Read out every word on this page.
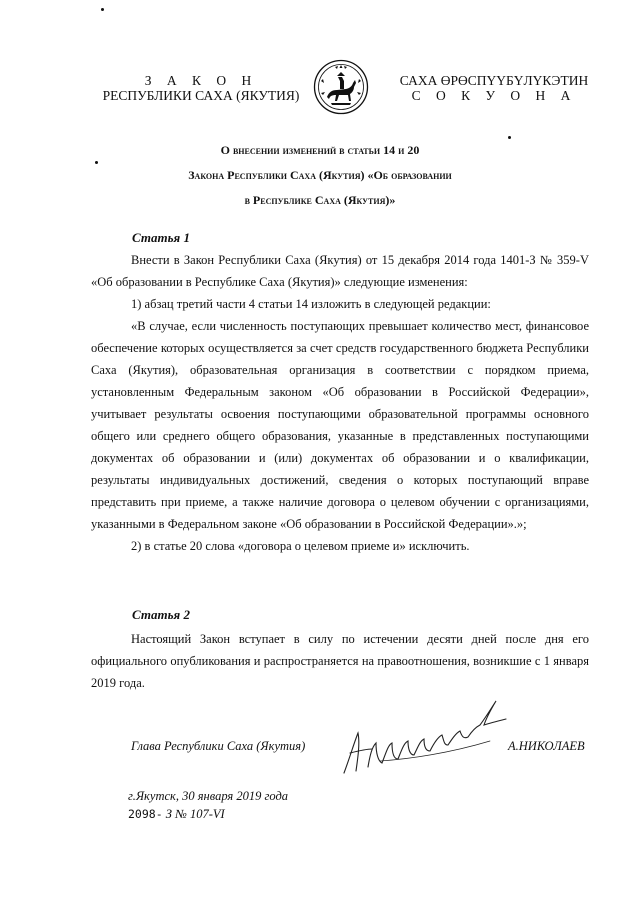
З А К О Н
РЕСПУБЛИКИ САХА (ЯКУТИЯ)
САХА ӨРӨСПҮҮБҮЛҮКЭТИН
С О К У О Н А
О внесении изменений в статьи 14 и 20
Закона Республики Саха (Якутия) «Об образовании
в Республике Саха (Якутия)»
Статья 1

Внести в Закон Республики Саха (Якутия) от 15 декабря 2014 года 1401-З № 359-V «Об образовании в Республике Саха (Якутия)» следующие изменения:

1) абзац третий части 4 статьи 14 изложить в следующей редакции:

«В случае, если численность поступающих превышает количество мест, финансовое обеспечение которых осуществляется за счет средств государственного бюджета Республики Саха (Якутия), образовательная организация в соответствии с порядком приема, установленным Федеральным законом «Об образовании в Российской Федерации», учитывает результаты освоения поступающими образовательной программы основного общего или среднего общего образования, указанные в представленных поступающими документах об образовании и (или) документах об образовании и о квалификации, результаты индивидуальных достижений, сведения о которых поступающий вправе представить при приеме, а также наличие договора о целевом обучении с организациями, указанными в Федеральном законе «Об образовании в Российской Федерации».»;

2) в статье 20 слова «договора о целевом приеме и» исключить.

Статья 2

Настоящий Закон вступает в силу по истечении десяти дней после дня его официального опубликования и распространяется на правоотношения, возникшие с 1 января 2019 года.

Глава Республики Саха (Якутия)	А.НИКОЛАЕВ
г.Якутск, 30 января 2019 года
2098- З № 107-VI
